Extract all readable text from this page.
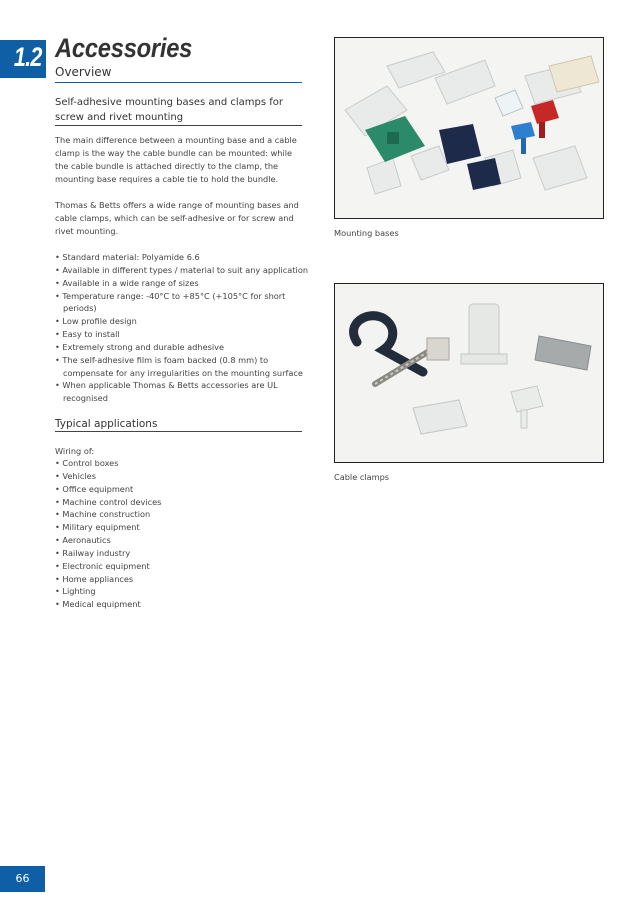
1.2 Accessories
Overview
Self-adhesive mounting bases and clamps for screw and rivet mounting

The main difference between a mounting base and a cable clamp is the way the cable bundle can be mounted: while the cable bundle is attached directly to the clamp, the mounting base requires a cable tie to hold the bundle.

Thomas & Betts offers a wide range of mounting bases and cable clamps, which can be self-adhesive or for screw and rivet mounting.

• Standard material: Polyamide 6.6
• Available in different types / material to suit any application
• Available in a wide range of sizes
• Temperature range: -40°C to +85°C (+105°C for short periods)
• Low profile design
• Easy to install
• Extremely strong and durable adhesive
• The self-adhesive film is foam backed (0.8 mm) to compensate for any irregularities on the mounting surface
• When applicable Thomas & Betts accessories are UL recognised
Typical applications
Wiring of:
• Control boxes
• Vehicles
• Office equipment
• Machine control devices
• Machine construction
• Military equipment
• Aeronautics
• Railway industry
• Electronic equipment
• Home appliances
• Lighting
• Medical equipment
Mounting bases
Cable clamps
66
